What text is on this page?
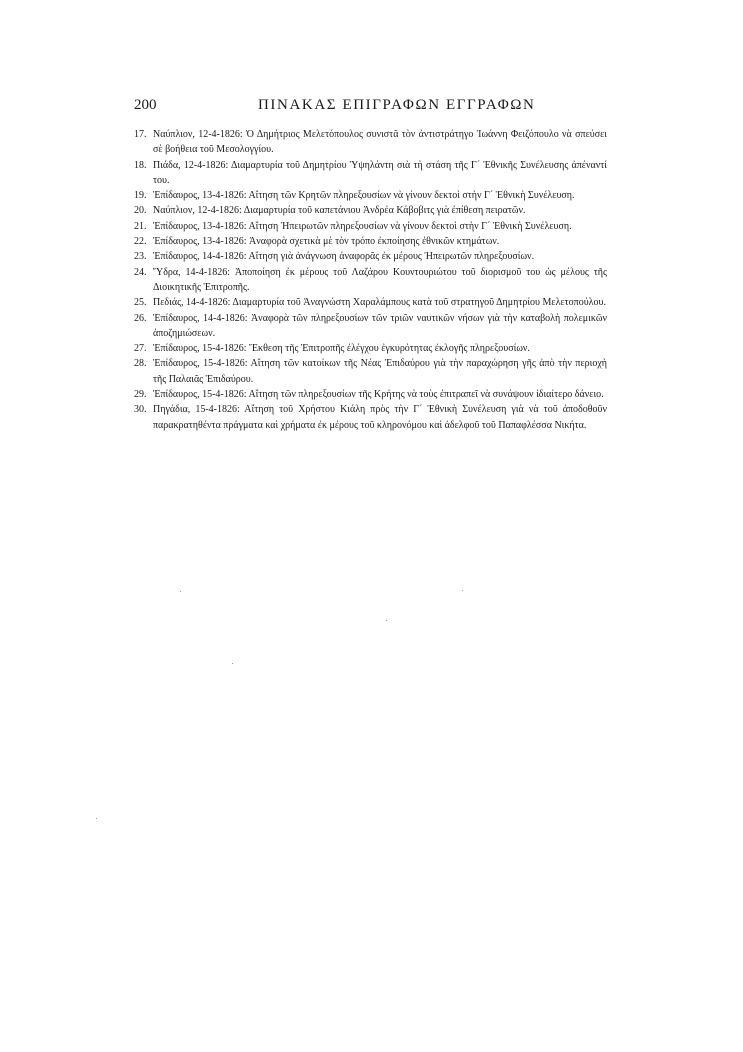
200	ΠΙΝΑΚΑΣ ΕΠΙΓΡΑΦΩΝ ΕΓΓΡΑΦΩΝ
17. Ναύπλιον, 12-4-1826: Ὁ Δημήτριος Μελετόπουλος συνιστᾶ τὸν ἀντιστράτηγο Ἰωάννη Φειζόπουλο νὰ σπεύσει σὲ βοήθεια τοῦ Μεσολογγίου.
18. Πιάδα, 12-4-1826: Διαμαρτυρία τοῦ Δημητρίου Ὑψηλάντη σιὰ τὴ στάση τῆς Γ´ Ἐθνικῆς Συνέλευσης ἀπέναντί του.
19. Ἐπίδαυρος, 13-4-1826: Αἴτηση τῶν Κρητῶν πληρεξουσίων νὰ γίνουν δεκτοὶ στὴν Γ´ Ἐθνικὴ Συνέλευση.
20. Ναύπλιον, 12-4-1826: Διαμαρτυρία τοῦ καπετάνιου Ἀνδρέα Κάβοβιτς γιὰ ἐπίθεση πειρατῶν.
21. Ἐπίδαυρος, 13-4-1826: Αἴτηση Ἠπειρωτῶν πληρεξουσίων νὰ γίνουν δεκτοὶ στὴν Γ´ Ἐθνικὴ Συνέλευση.
22. Ἐπίδαυρος, 13-4-1826: Ἀναφορὰ σχετικὰ μὲ τὸν τρόπο ἐκποίησης ἐθνικῶν κτημάτων.
23. Ἐπίδαυρος, 14-4-1826: Αἴτηση γιὰ ἀνάγνωση ἀναφορᾶς ἐκ μέρους Ἠπειρωτῶν πληρεξουσίων.
24. Ὕδρα, 14-4-1826: Ἀποποίηση ἐκ μέρους τοῦ Λαζάρου Κουντουριώτου τοῦ διορισμοῦ του ὡς μέλους τῆς Διοικητικῆς Ἐπιτροπῆς.
25. Πεδιάς, 14-4-1826: Διαμαρτυρία τοῦ Ἀναγνώστη Χαραλάμπους κατὰ τοῦ στρατηγοῦ Δημητρίου Μελετοπούλου.
26. Ἐπίδαυρος, 14-4-1826: Ἀναφορὰ τῶν πληρεξουσίων τῶν τριῶν ναυτικῶν νήσων γιὰ τὴν καταβολὴ πολεμικῶν ἀποζημιώσεων.
27. Ἐπίδαυρος, 15-4-1826: Ἔκθεση τῆς Ἐπιτροπῆς ἐλέγχου ἐγκυρότητας ἐκλογῆς πληρεξουσίων.
28. Ἐπίδαυρος, 15-4-1826: Αἴτηση τῶν κατοίκων τῆς Νέας Ἐπιδαύρου γιὰ τὴν παραχώρηση γῆς ἀπὸ τὴν περιοχὴ τῆς Παλαιᾶς Ἐπιδαύρου.
29. Ἐπίδαυρος, 15-4-1826: Αἴτηση τῶν πληρεξουσίων τῆς Κρήτης νὰ τοὺς ἐπιτραπεῖ νὰ συνάψουν ἰδιαίτερο δάνειο.
30. Πηγάδια, 15-4-1826: Αἴτηση τοῦ Χρήστου Κιάλη πρὸς τὴν Γ´ Ἐθνικὴ Συνέλευση γιὰ νὰ τοῦ ἀποδοθοῦν παρακρατηθέντα πράγματα καὶ χρήματα ἐκ μέρους τοῦ κληρονόμου καὶ ἀδελφοῦ τοῦ Παπαφλέσσα Νικήτα.
